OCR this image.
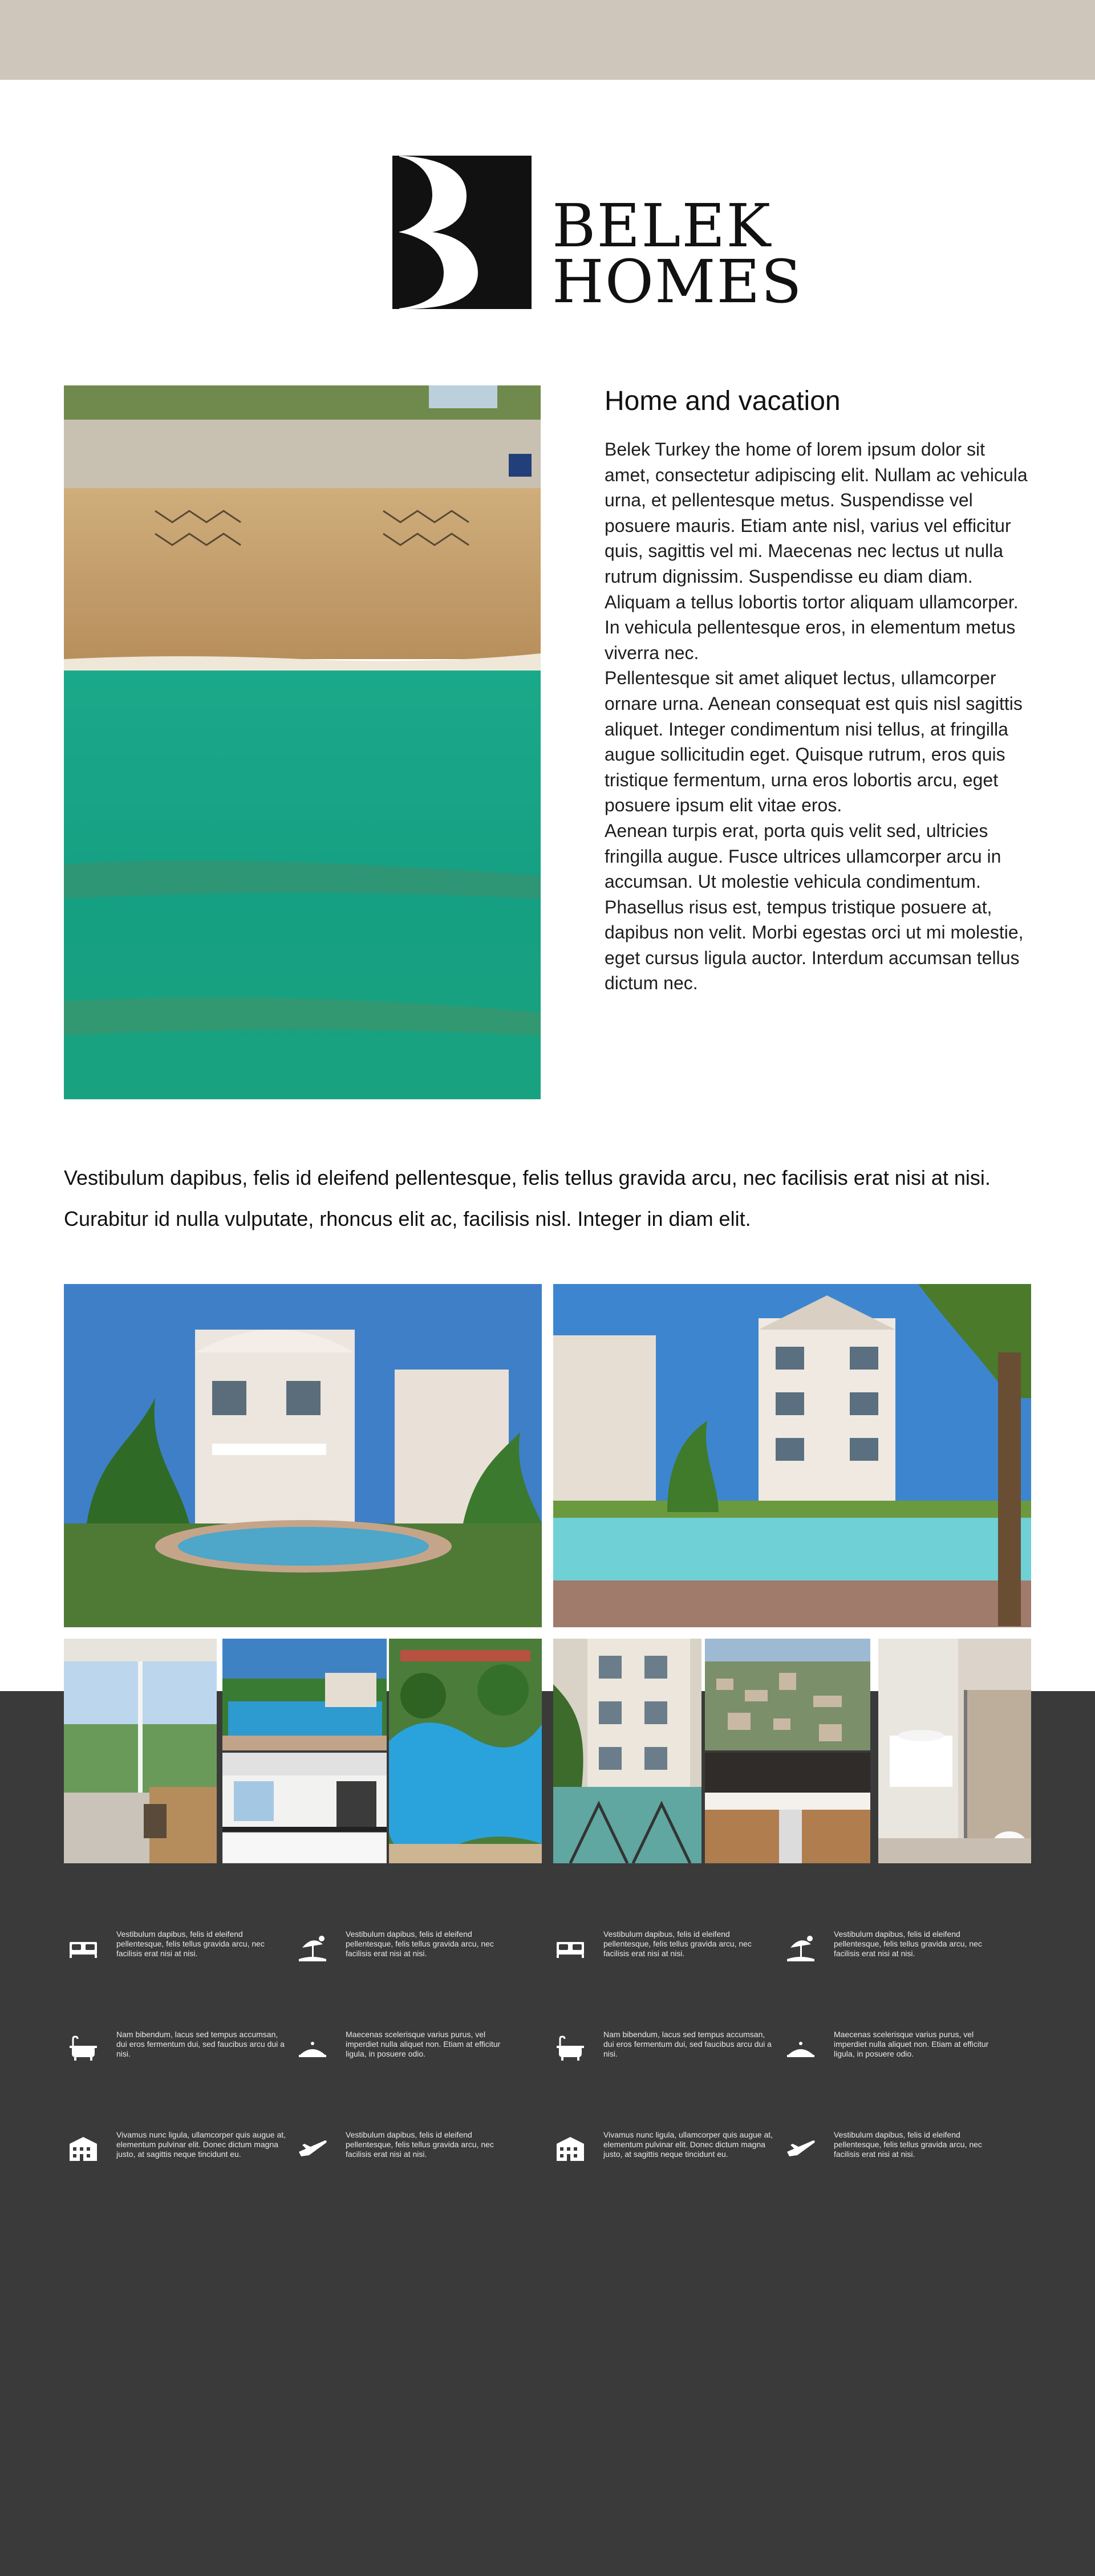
BELEK
HOMES
Home and vacation

Belek Turkey the home of lorem ipsum dolor sit amet, consectetur adipiscing elit. Nullam ac vehicula urna, et pellentesque metus. Suspendisse vel posuere mauris. Etiam ante nisl, varius vel efficitur quis, sagittis vel mi. Maecenas nec lectus ut nulla rutrum dignissim. Suspendisse eu diam diam. Aliquam a tellus lobortis tortor aliquam ullamcorper. In vehicula pellentesque eros, in elementum metus viverra nec.

Pellentesque sit amet aliquet lectus, ullamcorper ornare urna. Aenean consequat est quis nisl sagittis aliquet. Integer condimentum nisi tellus, at fringilla augue sollicitudin eget. Quisque rutrum, eros quis tristique fermentum, urna eros lobortis arcu, eget posuere ipsum elit vitae eros.

Aenean turpis erat, porta quis velit sed, ultricies fringilla augue. Fusce ultrices ullamcorper arcu in accumsan. Ut molestie vehicula condimentum.

Phasellus risus est, tempus tristique posuere at, dapibus non velit. Morbi egestas orci ut mi molestie, eget cursus ligula auctor. Interdum accumsan tellus dictum nec.

Vestibulum dapibus, felis id eleifend pellentesque, felis tellus gravida arcu, nec facilisis erat nisi at nisi.
Curabitur id nulla vulputate, rhoncus elit ac, facilisis nisl. Integer in diam elit.
Vestibulum dapibus, felis id eleifend pellentesque, felis tellus gravida arcu, nec facilisis erat nisi at nisi.
Vestibulum dapibus, felis id eleifend pellentesque, felis tellus gravida arcu, nec facilisis erat nisi at nisi.
Vestibulum dapibus, felis id eleifend pellentesque, felis tellus gravida arcu, nec facilisis erat nisi at nisi.
Vestibulum dapibus, felis id eleifend pellentesque, felis tellus gravida arcu, nec facilisis erat nisi at nisi.
Nam bibendum, lacus sed tempus accumsan, dui eros fermentum dui, sed faucibus arcu dui a nisi.
Maecenas scelerisque varius purus, vel imperdiet nulla aliquet non. Etiam at efficitur ligula, in posuere odio.
Nam bibendum, lacus sed tempus accumsan, dui eros fermentum dui, sed faucibus arcu dui a nisi.
Maecenas scelerisque varius purus, vel imperdiet nulla aliquet non. Etiam at efficitur ligula, in posuere odio.
Vivamus nunc ligula, ullamcorper quis augue at, elementum pulvinar elit. Donec dictum magna justo, at sagittis neque tincidunt eu.
Vestibulum dapibus, felis id eleifend pellentesque, felis tellus gravida arcu, nec facilisis erat nisi at nisi.
Vivamus nunc ligula, ullamcorper quis augue at, elementum pulvinar elit. Donec dictum magna justo, at sagittis neque tincidunt eu.
Vestibulum dapibus, felis id eleifend pellentesque, felis tellus gravida arcu, nec facilisis erat nisi at nisi.
